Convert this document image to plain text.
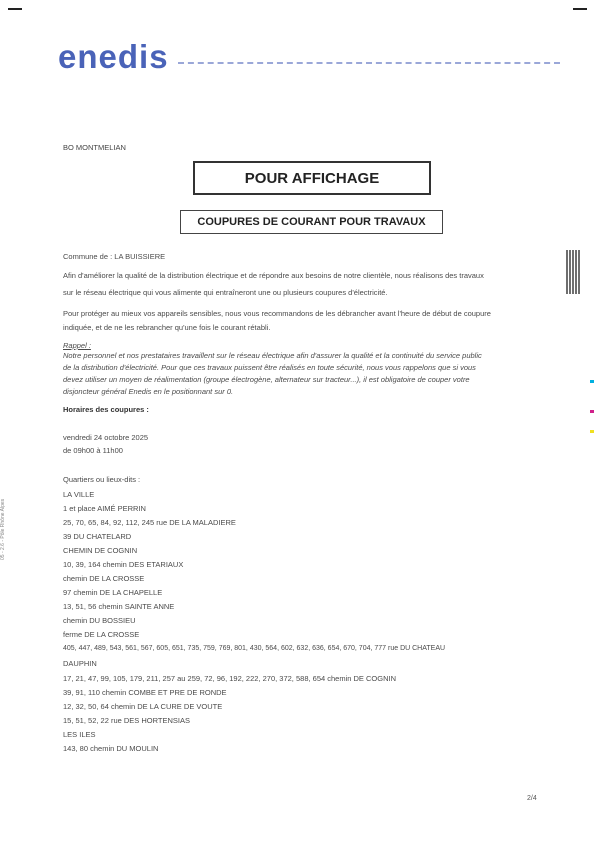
enedis
BO MONTMELIAN
POUR AFFICHAGE
COUPURES DE COURANT POUR TRAVAUX
Commune de : LA BUISSIERE
Afin d'améliorer la qualité de la distribution électrique et de répondre aux besoins de notre clientèle, nous réalisons des travaux
sur le réseau électrique qui vous alimente qui entraîneront une ou plusieurs coupures d'électricité.
Pour protéger au mieux vos appareils sensibles, nous vous recommandons de les débrancher avant l'heure de début de coupure
indiquée, et de ne les rebrancher qu'une fois le courant rétabli.
Rappel :
Notre personnel et nos prestataires travaillent sur le réseau électrique afin d'assurer la qualité et la continuité du service public
de la distribution d'électricité. Pour que ces travaux puissent être réalisés en toute sécurité, nous vous rappelons que si vous
devez utiliser un moyen de réalimentation (groupe électrogène, alternateur sur tracteur...), il est obligatoire de couper votre
disjoncteur général Enedis en le positionnant sur 0.
Horaires des coupures :
vendredi 24 octobre 2025
de 09h00 à 11h00
Quartiers ou lieux-dits :
LA VILLE
1 et place AIMÉ PERRIN
25, 70, 65, 84, 92, 112, 245 rue DE LA MALADIERE
39 DU CHATELARD
CHEMIN DE COGNIN
10, 39, 164 chemin DES ETARIAUX
chemin DE LA CROSSE
97 chemin DE LA CHAPELLE
13, 51, 56 chemin SAINTE ANNE
chemin DU BOSSIEU
ferme DE LA CROSSE
405, 447, 489, 543, 561, 567, 605, 651, 735, 759, 769, 801, 430, 564, 602, 632, 636, 654, 670, 704, 777 rue DU CHATEAU
DAUPHIN
17, 21, 47, 99, 105, 179, 211, 257 au 259, 72, 96, 192, 222, 270, 372, 588, 654 chemin DE COGNIN
39, 91, 110 chemin COMBE ET PRE DE RONDE
12, 32, 50, 64 chemin DE LA CURE DE VOUTE
15, 51, 52, 22 rue DES HORTENSIAS
LES ILES
143, 80 chemin DU MOULIN
05 - 2.6 - Pôle Rhône Alpes
2/4
